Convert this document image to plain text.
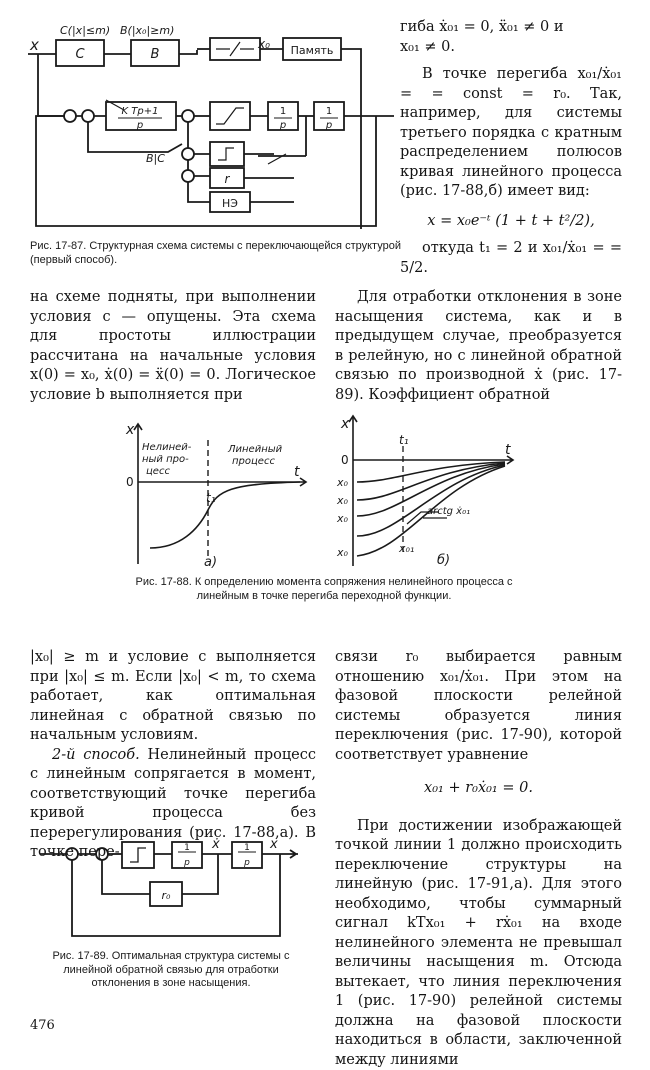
гиба ẋ₀₁ = 0, ẍ₀₁ ≠ 0 и

x₀₁ ≠ 0.

В точке перегиба x₀₁/ẋ₀₁ = = const = r₀. Так, например, для системы третьего порядка с кратным распределением полюсов кривая линейного процесса (рис. 17-88,б) имеет вид:

x = x₀e⁻ᵗ (1 + t + t²/2),

откуда t₁ = 2 и x₀₁/ẋ₀₁ = = 5/2.

C	B	Память
C(|x|≤m) B(|x₀|≥m)
x₀
x
K Tp+1
p
1
p
1
p
r
НЭ
B|C
Рис. 17-87. Структурная схема системы с переключающейся структурой (первый способ).

на схеме подняты, при выполнении условия с — опущены. Эта схема для простоты иллюстрации рассчитана на начальные условия x(0) = x₀, ẋ(0) = ẍ(0) = 0. Логическое условие b выполняется при

Для отработки отклонения в зоне насыщения система, как и в предыдущем случае, преобразуется в релейную, но с линейной обратной связью по производной ẋ (рис. 17-89). Коэффициент обратной

x
t
0
t₁
Нелиней-
ный про-
цесс
Линейный
процесс
a)
x
t
0
t₁
x₀
x₀
x₀
x₀	x₀₁
arctg ẋ₀₁
б)
Рис. 17-88. К определению момента сопряжения нелинейного процесса с линейным в точке перегиба переходной функции.

|x₀| ≥ m и условие с выполняется при |x₀| ≤ m. Если |x₀| < m, то схема работает, как оптимальная линейная с обратной связью по начальным условиям.

2-й способ. Нелинейный процесс с линейным сопрягается в момент, соответствующий точке перегиба кривой процесса без перерегулирования (рис. 17-88,а). В точке пере-	1
p
1
p
ẋ	x
r₀
Рис. 17-89. Оптимальная структура системы с линейной обратной связью для отработки отклонения в зоне насыщения.

связи r₀ выбирается равным отношению x₀₁/ẋ₀₁. При этом на фазовой плоскости релейной системы образуется линия переключения (рис. 17-90), которой соответствует уравнение

x₀₁ + r₀ẋ₀₁ = 0.

При достижении изображающей точкой линии 1 должно происходить переключение структуры на линейную (рис. 17-91,а). Для этого необходимо, чтобы суммарный сигнал kTx₀₁ + rẋ₀₁ на входе нелинейного элемента не превышал величины насыщения m. Отсюда вытекает, что линия переключения 1 (рис. 17-90) релейной системы должна на фазовой плоскости находиться в области, заключенной между линиями

476
